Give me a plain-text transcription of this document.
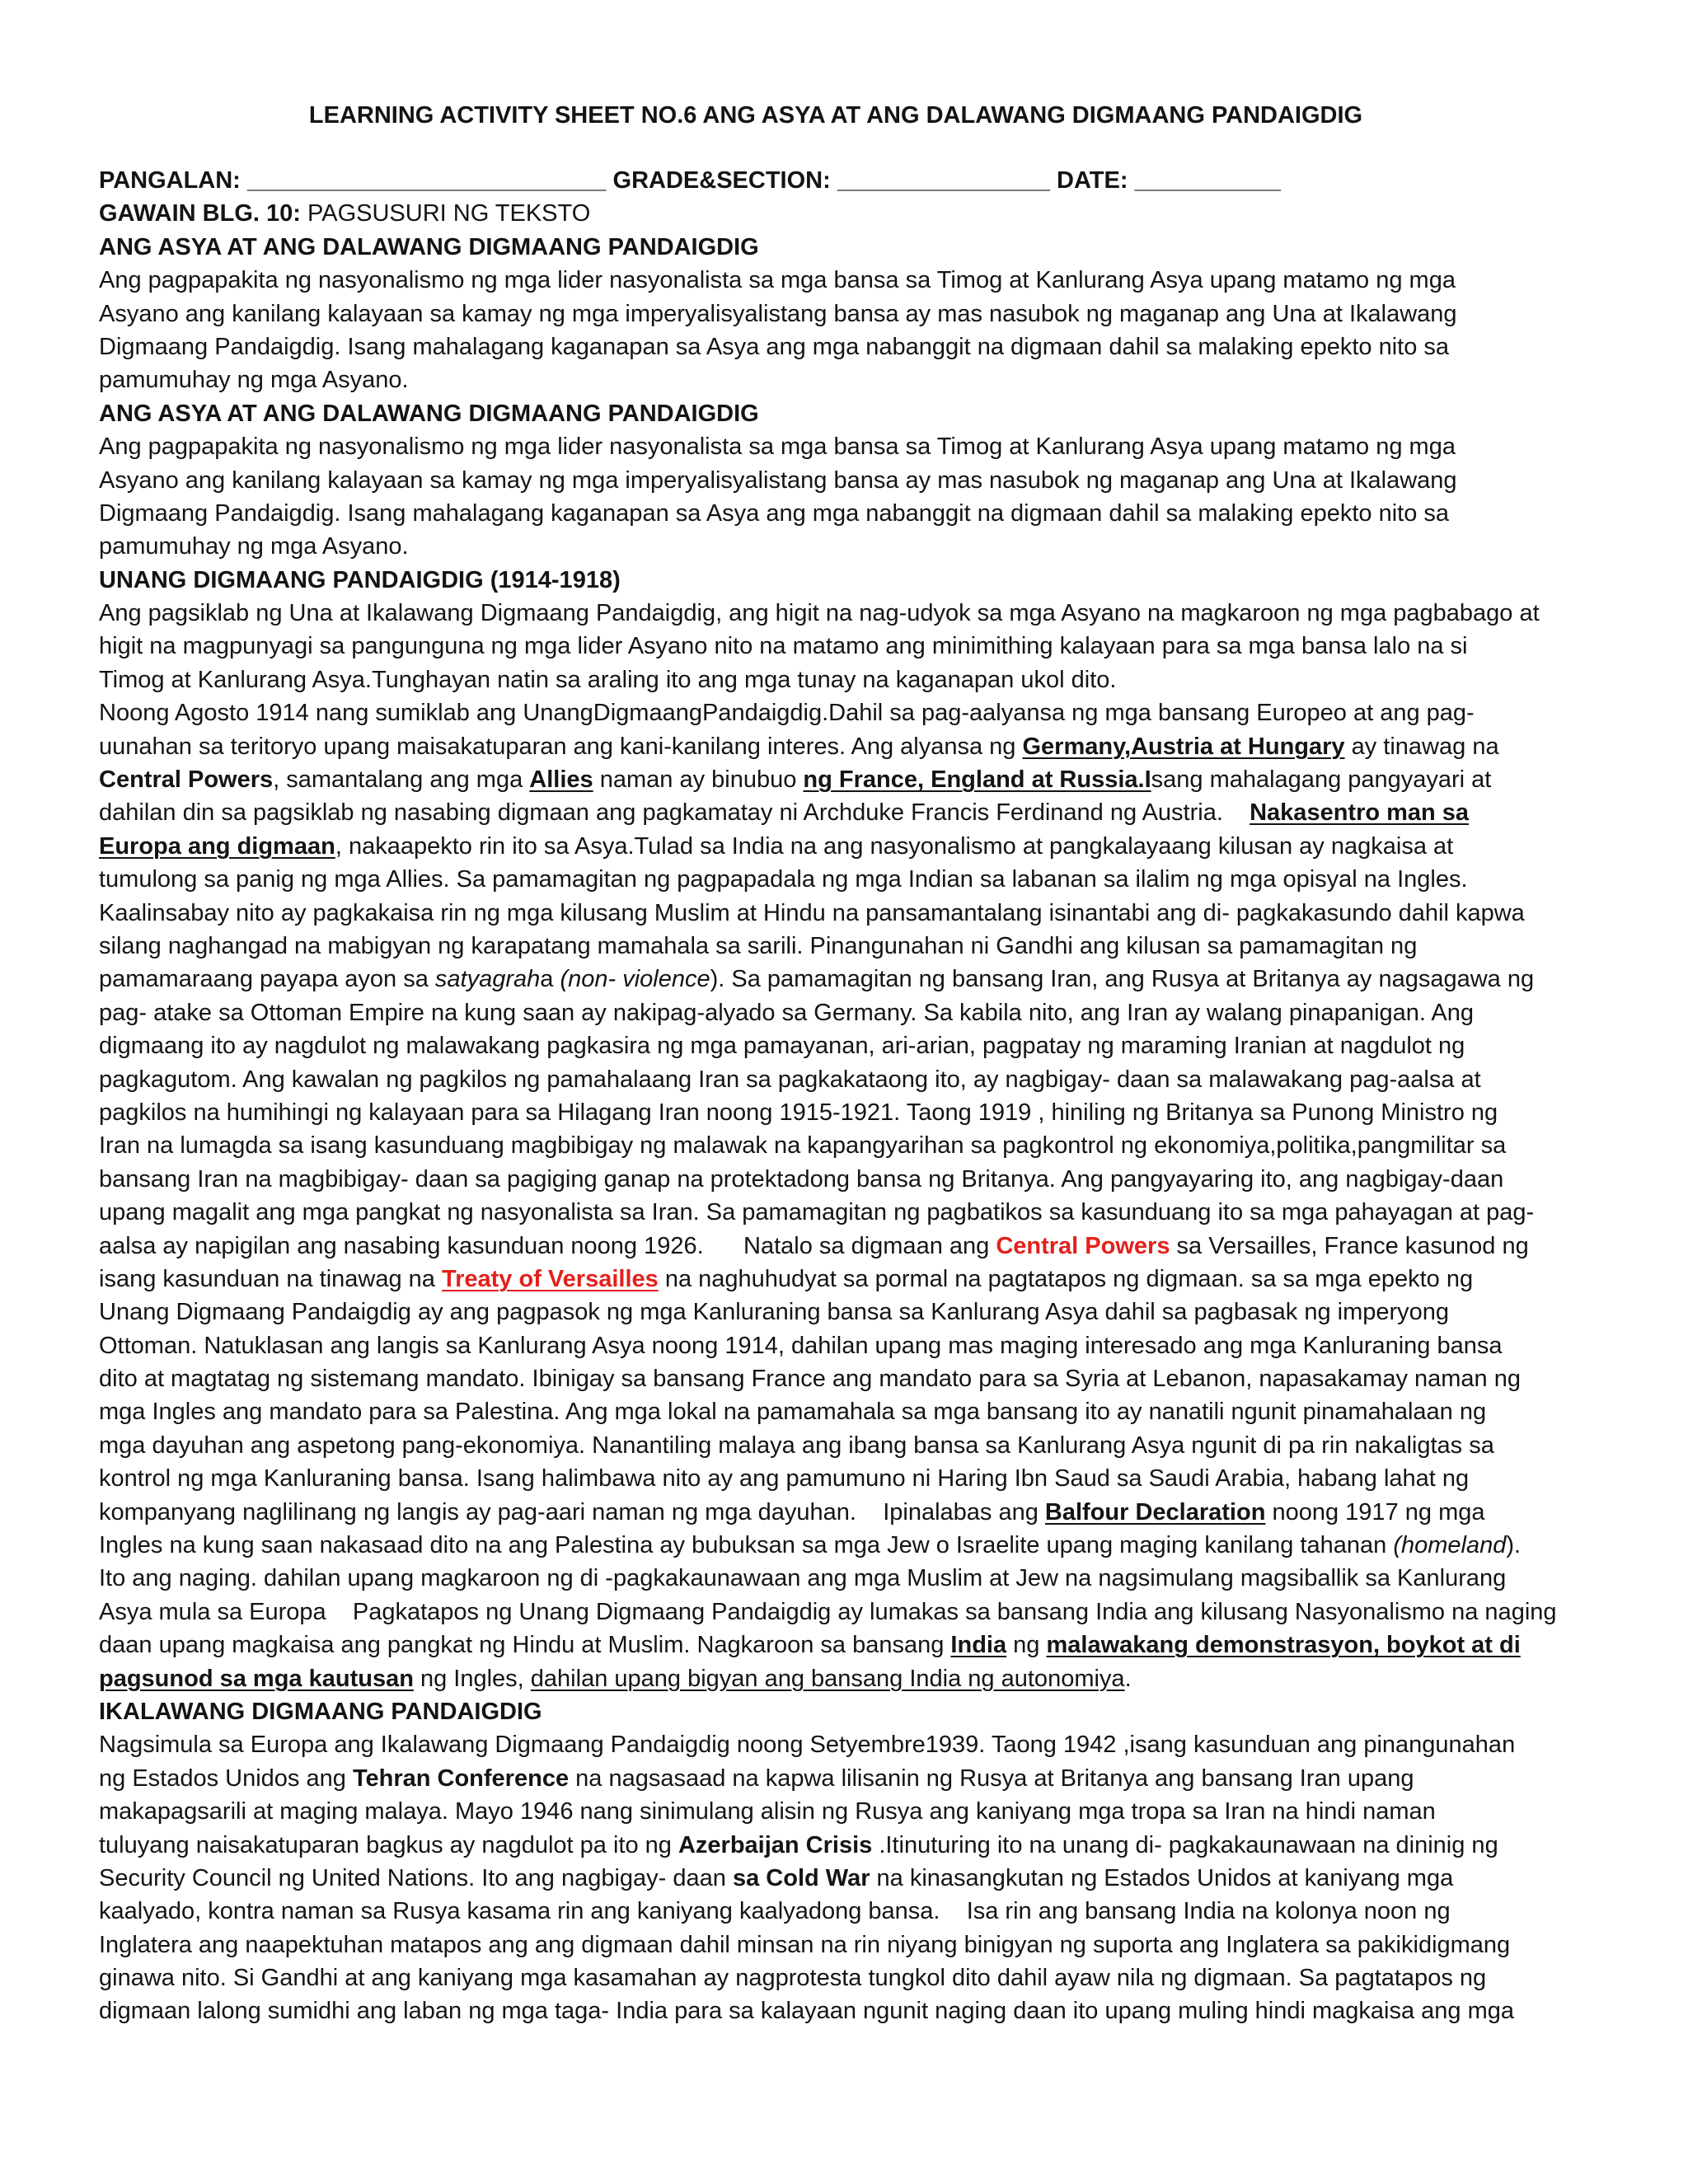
LEARNING ACTIVITY SHEET NO.6 ANG ASYA AT ANG DALAWANG DIGMAANG PANDAIGDIG
PANGALAN: ___________________________ GRADE&SECTION: ________________ DATE: ___________
GAWAIN BLG. 10: PAGSUSURI NG TEKSTO
ANG ASYA AT ANG DALAWANG DIGMAANG PANDAIGDIG
Ang pagpapakita ng nasyonalismo ng mga lider nasyonalista sa mga bansa sa Timog at Kanlurang Asya upang matamo ng mga
Asyano ang kanilang kalayaan sa kamay ng mga imperyalisyalistang bansa ay mas nasubok ng maganap ang Una at Ikalawang
Digmaang Pandaigdig. Isang mahalagang kaganapan sa Asya ang mga nabanggit na digmaan dahil sa malaking epekto nito sa
pamumuhay ng mga Asyano.
ANG ASYA AT ANG DALAWANG DIGMAANG PANDAIGDIG
Ang pagpapakita ng nasyonalismo ng mga lider nasyonalista sa mga bansa sa Timog at Kanlurang Asya upang matamo ng mga
Asyano ang kanilang kalayaan sa kamay ng mga imperyalisyalistang bansa ay mas nasubok ng maganap ang Una at Ikalawang
Digmaang Pandaigdig. Isang mahalagang kaganapan sa Asya ang mga nabanggit na digmaan dahil sa malaking epekto nito sa
pamumuhay ng mga Asyano.
UNANG DIGMAANG PANDAIGDIG (1914-1918)
Ang pagsiklab ng Una at Ikalawang Digmaang Pandaigdig, ang higit na nag-udyok sa mga Asyano na magkaroon ng mga pagbabago at
higit na magpunyagi sa pangunguna ng mga lider Asyano nito na matamo ang minimithing kalayaan para sa mga bansa lalo na si
Timog at Kanlurang Asya.Tunghayan natin sa araling ito ang mga tunay na kaganapan ukol dito.
Noong Agosto 1914 nang sumiklab ang UnangDigmaangPandaigdig.Dahil sa pag-aalyansa ng mga bansang Europeo at ang pag-
uunahan sa teritoryo upang maisakatuparan ang kani-kanilang interes. Ang alyansa ng Germany,Austria at Hungary ay tinawag na
Central Powers, samantalang ang mga Allies naman ay binubuo ng France, England at Russia.Isang mahalagang pangyayari at
dahilan din sa pagsiklab ng nasabing digmaan ang pagkamatay ni Archduke Francis Ferdinand ng Austria.    Nakasentro man sa
Europa ang digmaan, nakaapekto rin ito sa Asya.Tulad sa India na ang nasyonalismo at pangkalayaang kilusan ay nagkaisa at
tumulong sa panig ng mga Allies. Sa pamamagitan ng pagpapadala ng mga Indian sa labanan sa ilalim ng mga opisyal na Ingles.
Kaalinsabay nito ay pagkakaisa rin ng mga kilusang Muslim at Hindu na pansamantalang isinantabi ang di- pagkakasundo dahil kapwa
silang naghangad na mabigyan ng karapatang mamahala sa sarili. Pinangunahan ni Gandhi ang kilusan sa pamamagitan ng
pamamaraang payapa ayon sa satyagraha (non- violence). Sa pamamagitan ng bansang Iran, ang Rusya at Britanya ay nagsagawa ng
pag- atake sa Ottoman Empire na kung saan ay nakipag-alyado sa Germany. Sa kabila nito, ang Iran ay walang pinapanigan. Ang
digmaang ito ay nagdulot ng malawakang pagkasira ng mga pamayanan, ari-arian, pagpatay ng maraming Iranian at nagdulot ng
pagkagutom. Ang kawalan ng pagkilos ng pamahalaang Iran sa pagkakataong ito, ay nagbigay- daan sa malawakang pag-aalsa at
pagkilos na humihingi ng kalayaan para sa Hilagang Iran noong 1915-1921. Taong 1919 , hiniling ng Britanya sa Punong Ministro ng
Iran na lumagda sa isang kasunduang magbibigay ng malawak na kapangyarihan sa pagkontrol ng ekonomiya,politika,pangmilitar sa
bansang Iran na magbibigay- daan sa pagiging ganap na protektadong bansa ng Britanya. Ang pangyayaring ito, ang nagbigay-daan
upang magalit ang mga pangkat ng nasyonalista sa Iran. Sa pamamagitan ng pagbatikos sa kasunduang ito sa mga pahayagan at pag-
aalsa ay napigilan ang nasabing kasunduan noong 1926.      Natalo sa digmaan ang Central Powers sa Versailles, France kasunod ng
isang kasunduan na tinawag na Treaty of Versailles na naghuhudyat sa pormal na pagtatapos ng digmaan. sa sa mga epekto ng
Unang Digmaang Pandaigdig ay ang pagpasok ng mga Kanluraning bansa sa Kanlurang Asya dahil sa pagbasak ng imperyong
Ottoman. Natuklasan ang langis sa Kanlurang Asya noong 1914, dahilan upang mas maging interesado ang mga Kanluraning bansa
dito at magtatag ng sistemang mandato. Ibinigay sa bansang France ang mandato para sa Syria at Lebanon, napasakamay naman ng
mga Ingles ang mandato para sa Palestina. Ang mga lokal na pamamahala sa mga bansang ito ay nanatili ngunit pinamahalaan ng
mga dayuhan ang aspetong pang-ekonomiya. Nanantiling malaya ang ibang bansa sa Kanlurang Asya ngunit di pa rin nakaligtas sa
kontrol ng mga Kanluraning bansa. Isang halimbawa nito ay ang pamumuno ni Haring Ibn Saud sa Saudi Arabia, habang lahat ng
kompanyang naglilinang ng langis ay pag-aari naman ng mga dayuhan.    Ipinalabas ang Balfour Declaration noong 1917 ng mga
Ingles na kung saan nakasaad dito na ang Palestina ay bubuksan sa mga Jew o Israelite upang maging kanilang tahanan (homeland).
Ito ang naging. dahilan upang magkaroon ng di -pagkakaunawaan ang mga Muslim at Jew na nagsimulang magsiballik sa Kanlurang
Asya mula sa Europa    Pagkatapos ng Unang Digmaang Pandaigdig ay lumakas sa bansang India ang kilusang Nasyonalismo na naging
daan upang magkaisa ang pangkat ng Hindu at Muslim. Nagkaroon sa bansang India ng malawakang demonstrasyon, boykot at di
pagsunod sa mga kautusan ng Ingles, dahilan upang bigyan ang bansang India ng autonomiya.
IKALAWANG DIGMAANG PANDAIGDIG
Nagsimula sa Europa ang Ikalawang Digmaang Pandaigdig noong Setyembre1939. Taong 1942 ,isang kasunduan ang pinangunahan
ng Estados Unidos ang Tehran Conference na nagsasaad na kapwa lilisanin ng Rusya at Britanya ang bansang Iran upang
makapagsarili at maging malaya. Mayo 1946 nang sinimulang alisin ng Rusya ang kaniyang mga tropa sa Iran na hindi naman
tuluyang naisakatuparan bagkus ay nagdulot pa ito ng Azerbaijan Crisis .Itinuturing ito na unang di- pagkakaunawaan na dininig ng
Security Council ng United Nations. Ito ang nagbigay- daan sa Cold War na kinasangkutan ng Estados Unidos at kaniyang mga
kaalyado, kontra naman sa Rusya kasama rin ang kaniyang kaalyadong bansa.    Isa rin ang bansang India na kolonya noon ng
Inglatera ang naapektuhan matapos ang ang digmaan dahil minsan na rin niyang binigyan ng suporta ang Inglatera sa pakikidigmang
ginawa nito. Si Gandhi at ang kaniyang mga kasamahan ay nagprotesta tungkol dito dahil ayaw nila ng digmaan. Sa pagtatapos ng
digmaan lalong sumidhi ang laban ng mga taga- India para sa kalayaan ngunit naging daan ito upang muling hindi magkaisa ang mga
